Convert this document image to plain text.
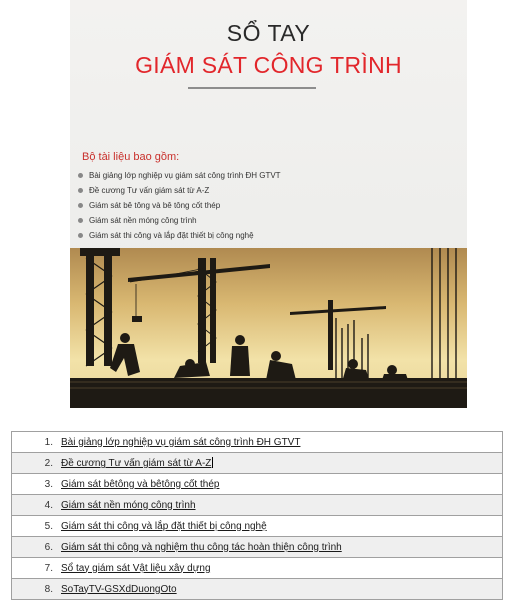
SỔ TAY
GIÁM SÁT CÔNG TRÌNH
Bộ tài liệu bao gồm:
Bài giảng lớp nghiệp vụ giám sát công trình ĐH GTVT
Đề cương Tư vấn giám sát từ A-Z
Giám sát bê tông và bê tông cốt thép
Giám sát nền móng công trình
Giám sát thi công và lắp đặt thiết bị công nghệ
1.	Bài giảng lớp nghiệp vụ giám sát công trình ĐH GTVT
2.	Đề cương Tư vấn giám sát từ A-Z
3.	Giám sát bêtông và bêtông cốt thép
4.	Giám sát nền móng công trình
5.	Giám sát thi công và lắp đặt thiết bị công nghệ
6.	Giám sát thi công và nghiệm thu công tác hoàn thiện công trình
7.	Sổ tay giám sát Vật liệu xây dựng
8.	SoTayTV-GSXdDuongOto
